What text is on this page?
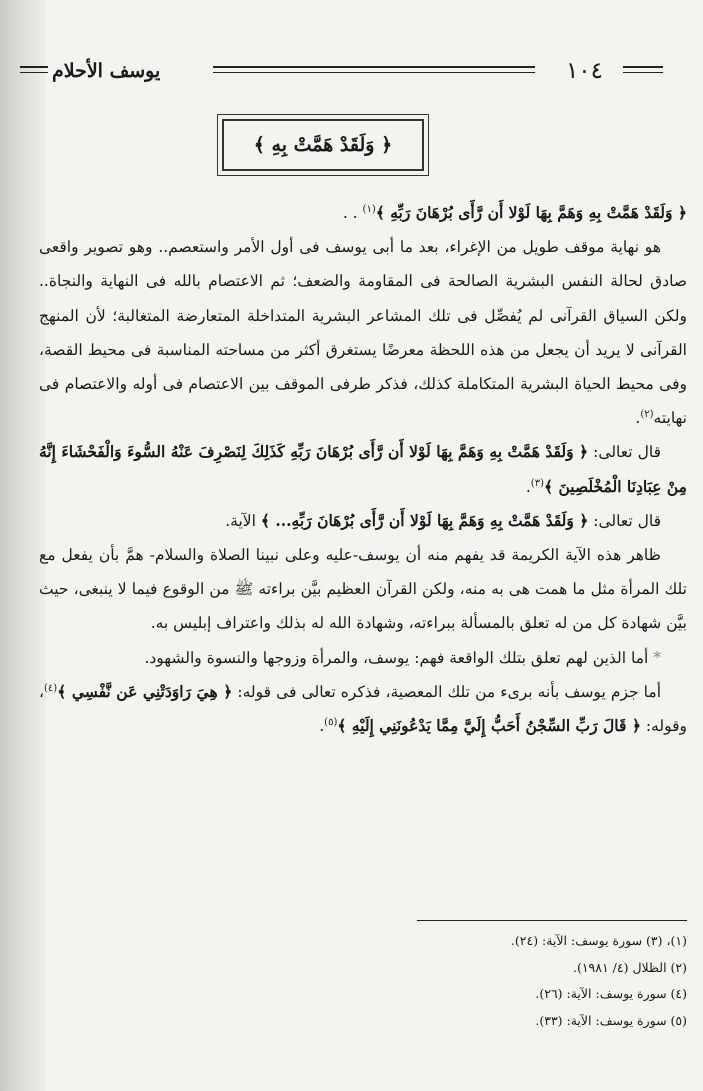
١٠٤
يوسف الأحلام
﴿ وَلَقَدْ هَمَّتْ بِهِ ﴾

﴿ وَلَقَدْ هَمَّتْ بِهِ وَهَمَّ بِهَا لَوْلا أَن رَّأَى بُرْهَانَ رَبِّهِ ﴾$^{(١)}$ . .

هو نهاية موقف طويل من الإغراء، بعد ما أبى يوسف فى أول الأمر واستعصم.. وهو تصوير واقعى صادق لحالة النفس البشرية الصالحة فى المقاومة والضعف؛ ثم الاعتصام بالله فى النهاية والنجاة.. ولكن السياق القرآنى لم يُفصِّل فى تلك المشاعر البشرية المتداخلة المتعارضة المتغالبة؛ لأن المنهج القرآنى لا يريد أن يجعل من هذه اللحظة معرضًا يستغرق أكثر من مساحته المناسبة فى محيط القصة، وفى محيط الحياة البشرية المتكاملة كذلك، فذكر طرفى الموقف بين الاعتصام فى أوله والاعتصام فى نهايته$^{(٢)}$.

قال تعالى: ﴿ وَلَقَدْ هَمَّتْ بِهِ وَهَمَّ بِهَا لَوْلا أَن رَّأَى بُرْهَانَ رَبِّهِ كَذَلِكَ لِنَصْرِفَ عَنْهُ السُّوءَ وَالْفَحْشَاءَ إِنَّهُ مِنْ عِبَادِنَا الْمُخْلَصِينَ ﴾$^{(٣)}$.

قال تعالى: ﴿ وَلَقَدْ هَمَّتْ بِهِ وَهَمَّ بِهَا لَوْلا أَن رَّأَى بُرْهَانَ رَبِّهِ... ﴾ الآية.

ظاهر هذه الآية الكريمة قد يفهم منه أن يوسف-عليه وعلى نبينا الصلاة والسلام- همَّ بأن يفعل مع تلك المرأة مثل ما همت هى به منه، ولكن القرآن العظيم بيَّن براءته ﷺ من الوقوع فيما لا ينبغى، حيث بيَّن شهادة كل من له تعلق بالمسألة ببراءته، وشهادة الله له بذلك واعتراف إبليس به.

* أما الذين لهم تعلق بتلك الواقعة فهم: يوسف، والمرأة وزوجها والنسوة والشهود.

أما جزم يوسف بأنه برىء من تلك المعصية، فذكره تعالى فى قوله: ﴿ هِيَ رَاوَدَتْنِي عَن نَّفْسِي ﴾$^{(٤)}$، وقوله: ﴿ قَالَ رَبِّ السِّجْنُ أَحَبُّ إِلَيَّ مِمَّا يَدْعُونَنِي إِلَيْهِ ﴾$^{(٥)}$.

(١)، (٣) سورة يوسف: الآية: (٢٤).
(٢) الظلال (٤/ ١٩٨١).
(٤) سورة يوسف: الآية: (٢٦).
(٥) سورة يوسف: الآية: (٣٣).
